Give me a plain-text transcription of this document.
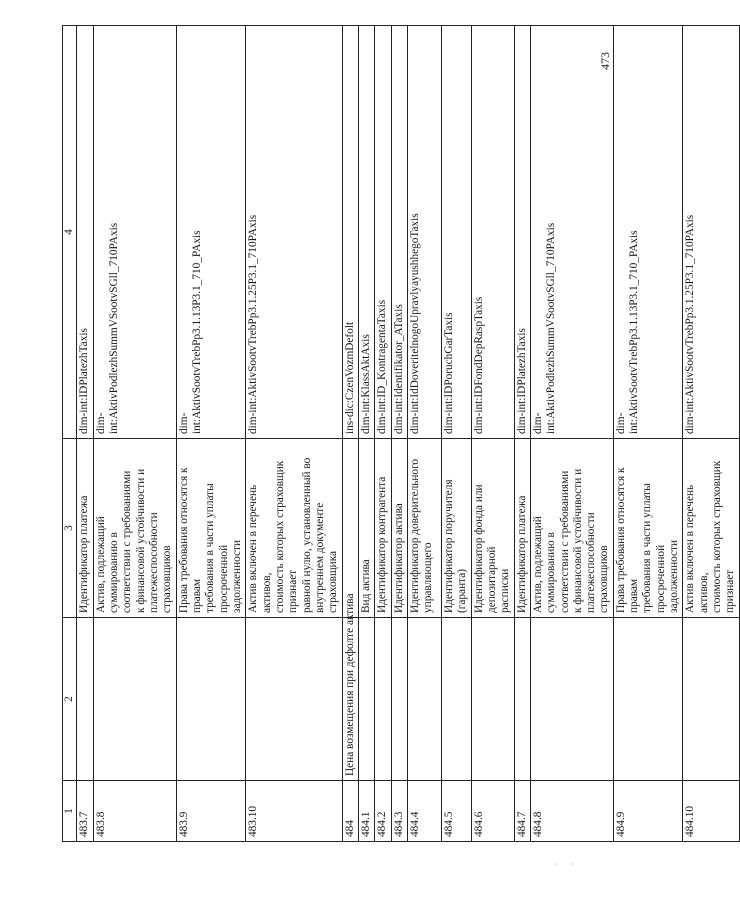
473
1	2	3	4
483.7		Идентификатор платежа	dim-int:IDPlatezhTaxis

483.8		Актив, подлежащий суммированию в соответствии с требованиями к финансовой устойчивости и платежеспособности страховщиков	dim- int:AktivPodlezhSummVSootvSGll_710PAxis

483.9		Права требования относятся к правам требования в части уплаты просроченной задолженности	dim- int:AktivSootvTrebPp3.1.13P3.1_710_PAxis

483.10		Актив включен в перечень активов, стоимость которых страховщик признает равной нулю, установленный во внутреннем документе страховщика	dim-int:AktivSootvTrebPp3.1.25P3.1_710PAxis

484	Цена возмещения при дефолте актива		ins-dic:CzenVozmDefolt

484.1		Вид актива	dim-int:KlassAktAxis

484.2		Идентификатор контрагента	dim-int:ID_KontragentaTaxis

484.3		Идентификатор актива	dim-int:Identifikator_ATaxis

484.4		Идентификатор доверительного управляющего	dim-int:IdDoveritelnogoUpravlyayushhegoTaxis

484.5		Идентификатор поручителя (гаранта)	dim-int:IDPoruchGarTaxis

484.6		Идентификатор фонда или депозитарной расписки	dim-int:IDFondDepRaspTaxis

484.7		Идентификатор платежа	dim-int:IDPlatezhTaxis

484.8		Актив, подлежащий суммированию в соответствии с требованиями к финансовой устойчивости и платежеспособности страховщиков	dim- int:AktivPodlezhSummVSootvSGll_710PAxis

484.9		Права требования относятся к правам требования в части уплаты просроченной задолженности	dim- int:AktivSootvTrebPp3.1.13P3.1_710_PAxis

484.10		Актив включен в перечень активов, стоимость которых страховщик признает	dim-int:AktivSootvTrebPp3.1.25P3.1_710PAxis
· ·
